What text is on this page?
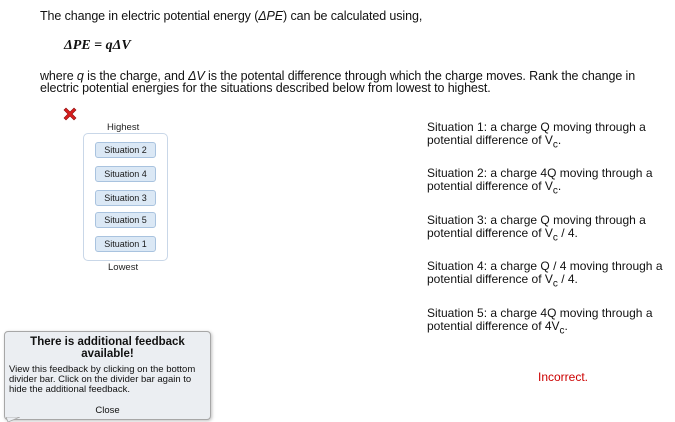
The change in electric potential energy (ΔPE) can be calculated using,
ΔPE = qΔV
where q is the charge, and ΔV is the potental difference through which the charge moves. Rank the change in electric potential energies for the situations described below from lowest to highest.
Highest
Situation 2
Situation 4
Situation 3
Situation 5
Situation 1
Lowest
Situation 1: a charge Q moving through a potential difference of $V_c$.
Situation 2: a charge 4Q moving through a potential difference of $V_c$.
Situation 3: a charge Q moving through a potential difference of $V_c / 4$.
Situation 4: a charge Q / 4 moving through a potential difference of $V_c / 4$.
Situation 5: a charge 4Q moving through a potential difference of $4V_c$.
Incorrect.
There is additional feedback available!
View this feedback by clicking on the bottom divider bar. Click on the divider bar again to hide the additional feedback.
Close
